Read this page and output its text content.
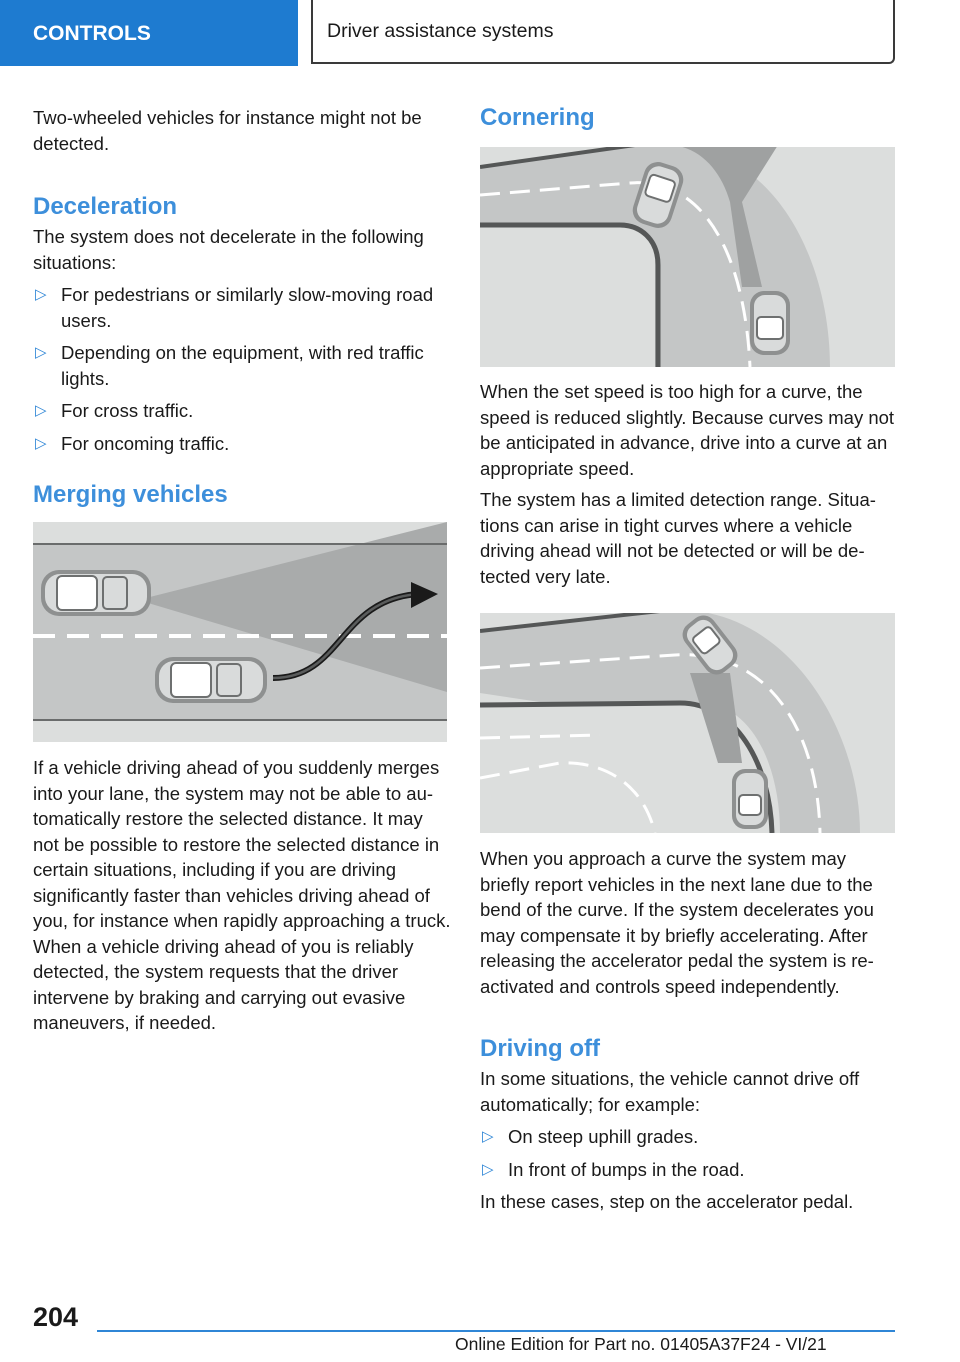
CONTROLS	Driver assistance systems

Two-wheeled vehicles for instance might not be detected.

Deceleration

The system does not decelerate in the following situations:

▷ For pedestrians or similarly slow-moving road users.
▷ Depending on the equipment, with red traffic lights.
▷ For cross traffic.
▷ For oncoming traffic.
Merging vehicles

If a vehicle driving ahead of you suddenly merges into your lane, the system may not be able to automatically restore the selected distance. It may not be possible to restore the selected distance in certain situations, including if you are driving significantly faster than vehicles driving ahead of you, for instance when rapidly approaching a truck. When a vehicle driving ahead of you is reliably detected, the system requests that the driver intervene by braking and carrying out evasive maneuvers, if needed.

Cornering

When the set speed is too high for a curve, the speed is reduced slightly. Because curves may not be anticipated in advance, drive into a curve at an appropriate speed.

The system has a limited detection range. Situations can arise in tight curves where a vehicle driving ahead will not be detected or will be detected very late.

When you approach a curve the system may briefly report vehicles in the next lane due to the bend of the curve. If the system decelerates you may compensate it by briefly accelerating. After releasing the accelerator pedal the system is reactivated and controls speed independently.

Driving off

In some situations, the vehicle cannot drive off automatically; for example:

▷ On steep uphill grades.
▷ In front of bumps in the road.

In these cases, step on the accelerator pedal.

204
Online Edition for Part no. 01405A37F24 - VI/21
